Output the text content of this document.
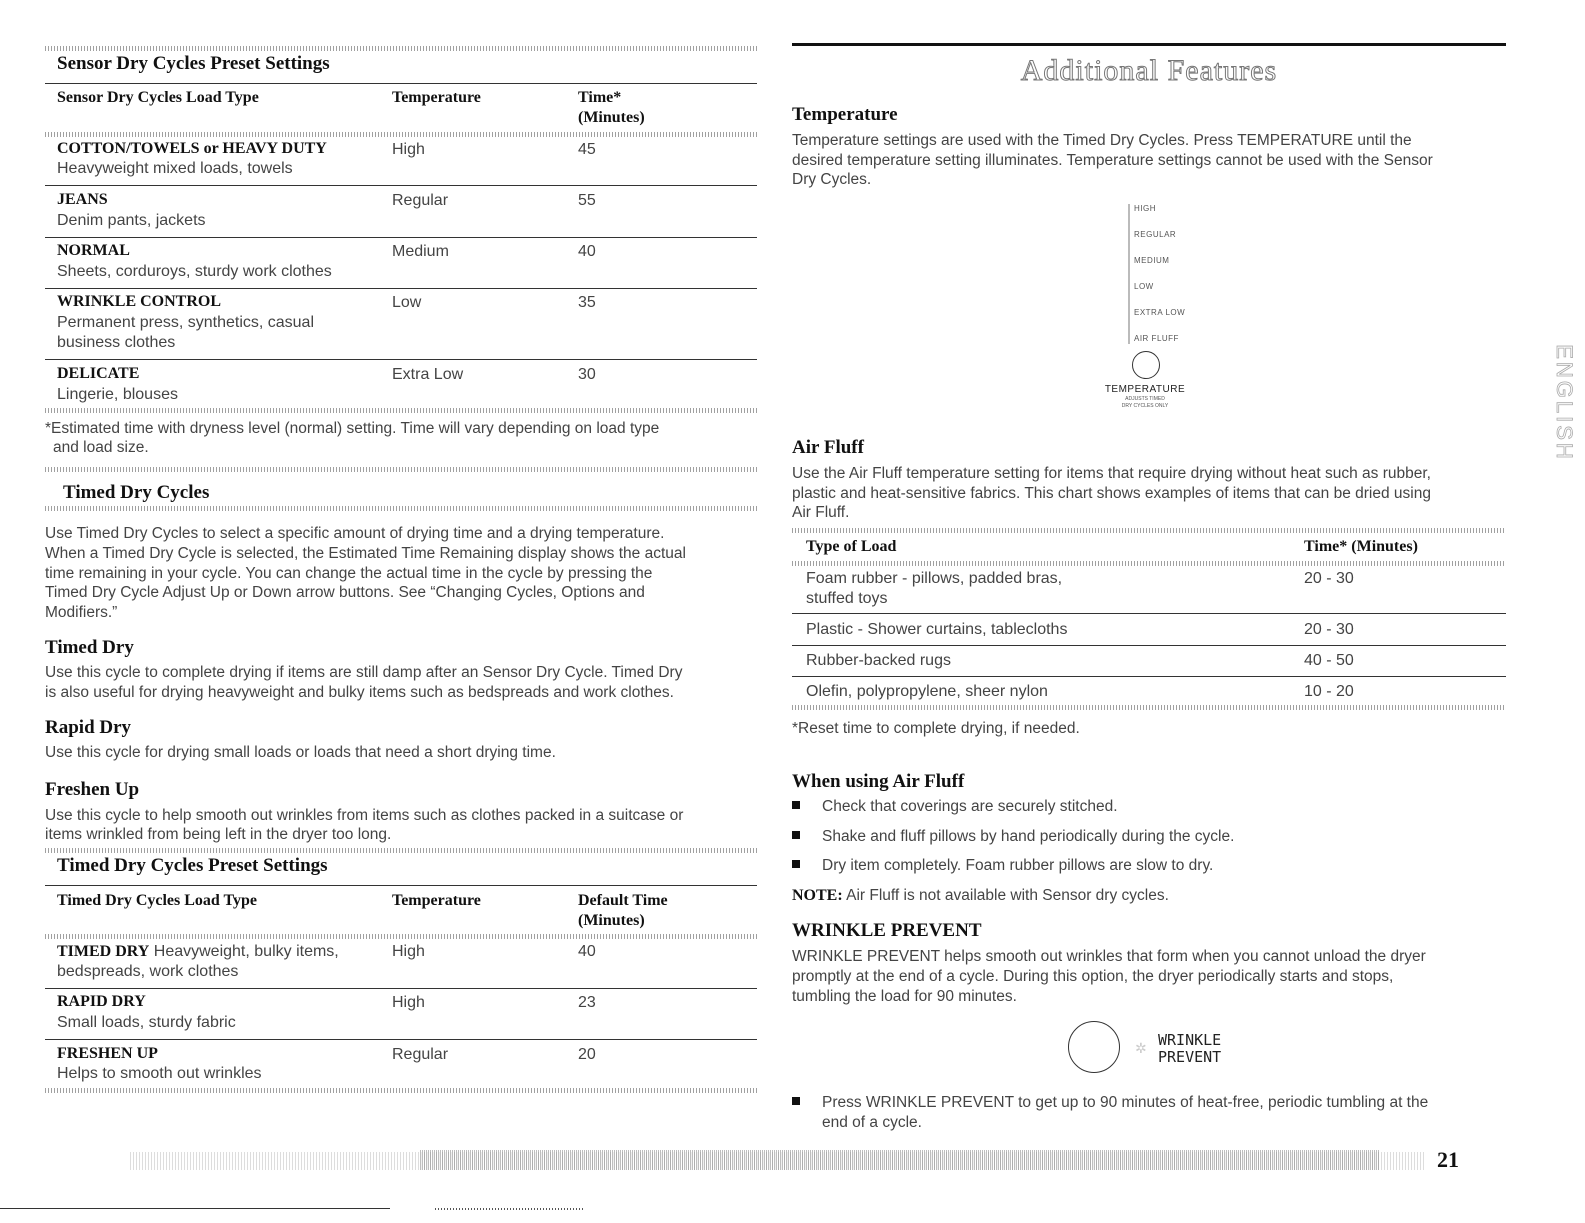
Sensor Dry Cycles Preset Settings
Sensor Dry Cycles Load Type	Temperature	Time*
(Minutes)
COTTON/TOWELS or HEAVY DUTY
Heavyweight mixed loads, towels
High	45
JEANS
Denim pants, jackets
Regular	55
NORMAL
Sheets, corduroys, sturdy work clothes
Medium	40
WRINKLE CONTROL
Permanent press, synthetics, casual
business clothes
Low	35
DELICATE
Lingerie, blouses
Extra Low	30
*Estimated time with dryness level (normal) setting. Time will vary depending on load type
and load size.
Timed Dry Cycles
Use Timed Dry Cycles to select a specific amount of drying time and a drying temperature.
When a Timed Dry Cycle is selected, the Estimated Time Remaining display shows the actual
time remaining in your cycle. You can change the actual time in the cycle by pressing the
Timed Dry Cycle Adjust Up or Down arrow buttons. See “Changing Cycles, Options and
Modifiers.”
Timed Dry
Use this cycle to complete drying if items are still damp after an Sensor Dry Cycle. Timed Dry
is also useful for drying heavyweight and bulky items such as bedspreads and work clothes.
Rapid Dry
Use this cycle for drying small loads or loads that need a short drying time.
Freshen Up
Use this cycle to help smooth out wrinkles from items such as clothes packed in a suitcase or
items wrinkled from being left in the dryer too long.
Timed Dry Cycles Preset Settings
Timed Dry Cycles Load Type	Temperature	Default Time
(Minutes)
TIMED DRY Heavyweight, bulky items,
bedspreads, work clothes
High	40
RAPID DRY
Small loads, sturdy fabric
High	23
FRESHEN UP
Helps to smooth out wrinkles
Regular	20
Additional Features
Temperature
Temperature settings are used with the Timed Dry Cycles. Press TEMPERATURE until the
desired temperature setting illuminates. Temperature settings cannot be used with the Sensor
Dry Cycles.
HIGH
REGULAR
MEDIUM
LOW
EXTRA LOW
AIR FLUFF
TEMPERATURE
ADJUSTS TIMED
DRY CYCLES ONLY
Air Fluff
Use the Air Fluff temperature setting for items that require drying without heat such as rubber,
plastic and heat-sensitive fabrics. This chart shows examples of items that can be dried using
Air Fluff.
Type of Load	Time* (Minutes)
Foam rubber - pillows, padded bras,
stuffed toys
20 - 30
Plastic - Shower curtains, tablecloths	20 - 30
Rubber-backed rugs	40 - 50
Olefin, polypropylene, sheer nylon	10 - 20
*Reset time to complete drying, if needed.
When using Air Fluff
Check that coverings are securely stitched.
Shake and fluff pillows by hand periodically during the cycle.
Dry item completely. Foam rubber pillows are slow to dry.
NOTE: Air Fluff is not available with Sensor dry cycles.
WRINKLE PREVENT
WRINKLE PREVENT helps smooth out wrinkles that form when you cannot unload the dryer
promptly at the end of a cycle. During this option, the dryer periodically starts and stops,
tumbling the load for 90 minutes.
✲ WRINKLE
PREVENT
Press WRINKLE PREVENT to get up to 90 minutes of heat-free, periodic tumbling at the
end of a cycle.
ENGLISH
21
